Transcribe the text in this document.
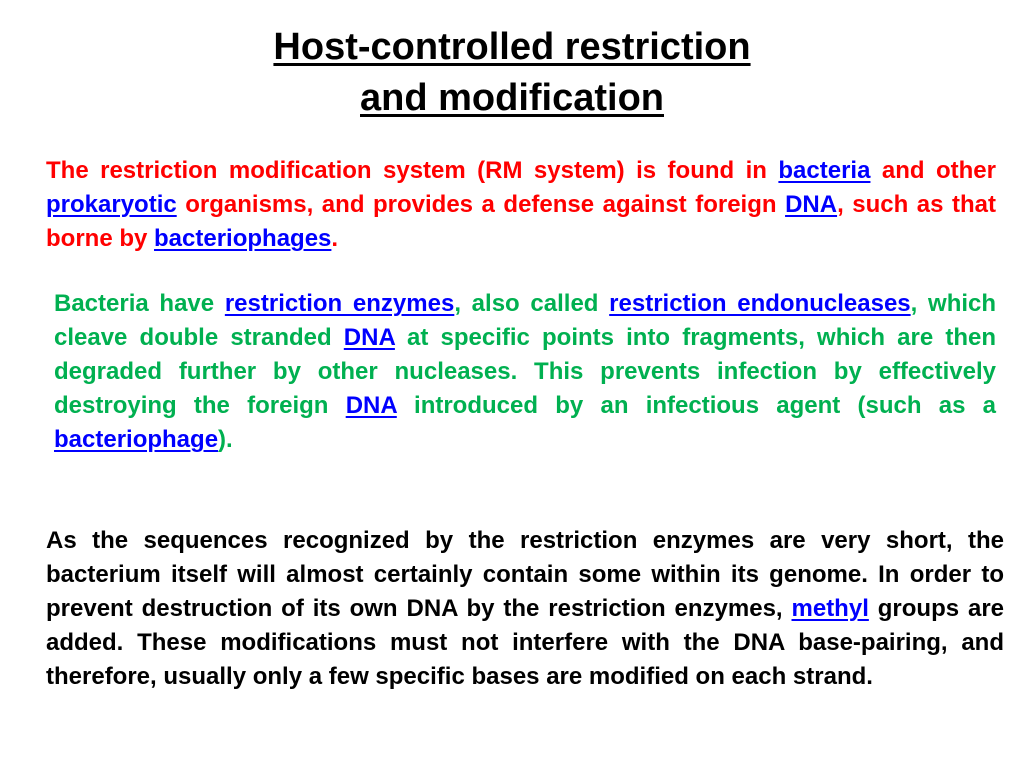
Host-controlled restriction
and modification

The restriction modification system (RM system) is found in bacteria and other prokaryotic organisms, and provides a defense against foreign DNA, such as that borne by bacteriophages.

Bacteria have restriction enzymes, also called restriction endonucleases, which cleave double stranded DNA at specific points into fragments, which are then degraded further by other nucleases. This prevents infection by effectively destroying the foreign DNA introduced by an infectious agent (such as a bacteriophage).

As the sequences recognized by the restriction enzymes are very short, the bacterium itself will almost certainly contain some within its genome. In order to prevent destruction of its own DNA by the restriction enzymes, methyl groups are added. These modifications must not interfere with the DNA base-pairing, and therefore, usually only a few specific bases are modified on each strand.
